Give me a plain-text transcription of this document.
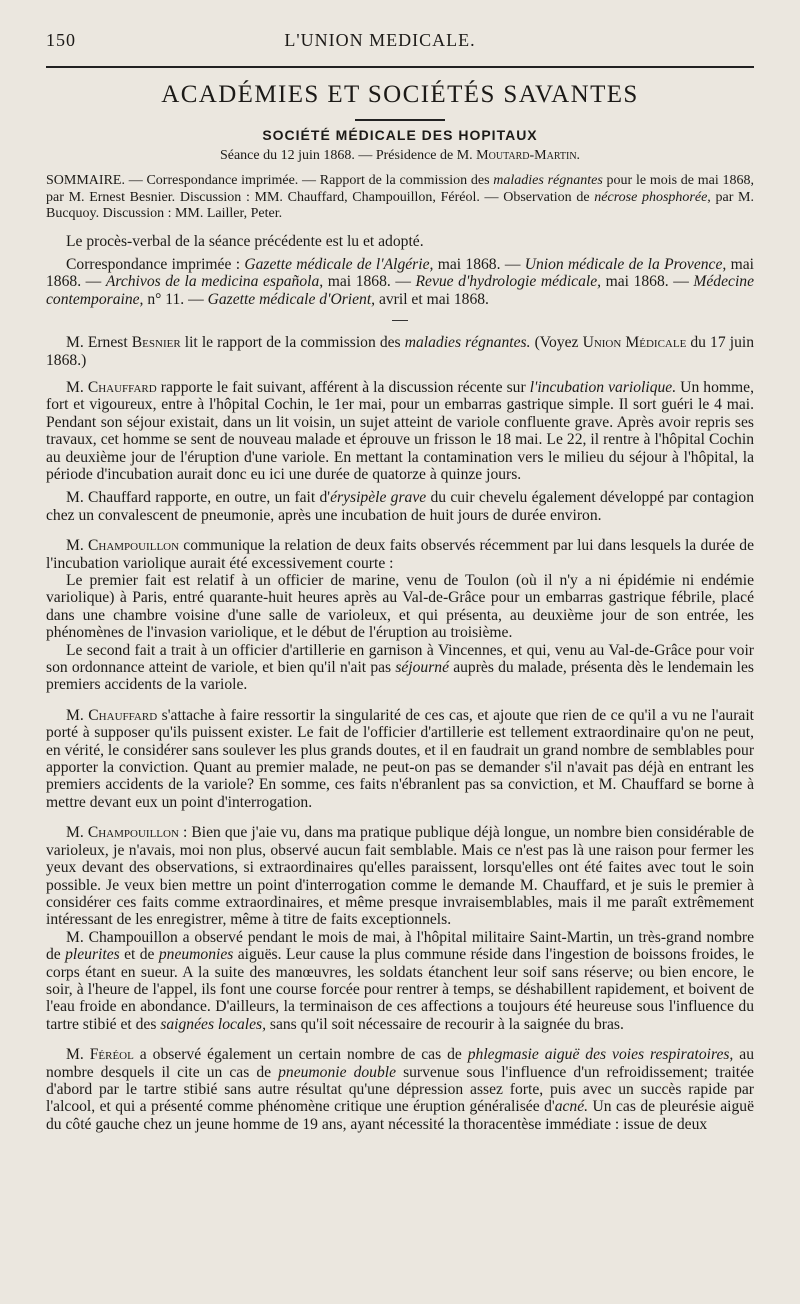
150	L'UNION MEDICALE.
ACADÉMIES ET SOCIÉTÉS SAVANTES
SOCIÉTÉ MÉDICALE DES HOPITAUX
Séance du 12 juin 1868. — Présidence de M. Moutard-Martin.
SOMMAIRE. — Correspondance imprimée. — Rapport de la commission des maladies régnantes pour le mois de mai 1868, par M. Ernest Besnier. Discussion : MM. Chauffard, Champouillon, Féréol. — Observation de nécrose phosphorée, par M. Bucquoy. Discussion : MM. Lailler, Peter.

Le procès-verbal de la séance précédente est lu et adopté.

Correspondance imprimée : Gazette médicale de l'Algérie, mai 1868. — Union médicale de la Provence, mai 1868. — Archivos de la medicina española, mai 1868. — Revue d'hydrologie médicale, mai 1868. — Médecine contemporaine, n° 11. — Gazette médicale d'Orient, avril et mai 1868.

M. Ernest Besnier lit le rapport de la commission des maladies régnantes. (Voyez Union Médicale du 17 juin 1868.)

M. Chauffard rapporte le fait suivant, afférent à la discussion récente sur l'incubation variolique. Un homme, fort et vigoureux, entre à l'hôpital Cochin, le 1er mai, pour un embarras gastrique simple. Il sort guéri le 4 mai. Pendant son séjour existait, dans un lit voisin, un sujet atteint de variole confluente grave. Après avoir repris ses travaux, cet homme se sent de nouveau malade et éprouve un frisson le 18 mai. Le 22, il rentre à l'hôpital Cochin au deuxième jour de l'éruption d'une variole. En mettant la contamination vers le milieu du séjour à l'hôpital, la période d'incubation aurait donc eu ici une durée de quatorze à quinze jours.

M. Chauffard rapporte, en outre, un fait d'érysipèle grave du cuir chevelu également développé par contagion chez un convalescent de pneumonie, après une incubation de huit jours de durée environ.

M. Champouillon communique la relation de deux faits observés récemment par lui dans lesquels la durée de l'incubation variolique aurait été excessivement courte :

Le premier fait est relatif à un officier de marine, venu de Toulon (où il n'y a ni épidémie ni endémie variolique) à Paris, entré quarante-huit heures après au Val-de-Grâce pour un embarras gastrique fébrile, placé dans une chambre voisine d'une salle de varioleux, et qui présenta, au deuxième jour de son entrée, les phénomènes de l'invasion variolique, et le début de l'éruption au troisième.

Le second fait a trait à un officier d'artillerie en garnison à Vincennes, et qui, venu au Val-de-Grâce pour voir son ordonnance atteint de variole, et bien qu'il n'ait pas séjourné auprès du malade, présenta dès le lendemain les premiers accidents de la variole.

M. Chauffard s'attache à faire ressortir la singularité de ces cas, et ajoute que rien de ce qu'il a vu ne l'aurait porté à supposer qu'ils puissent exister. Le fait de l'officier d'artillerie est tellement extraordinaire qu'on ne peut, en vérité, le considérer sans soulever les plus grands doutes, et il en faudrait un grand nombre de semblables pour apporter la conviction. Quant au premier malade, ne peut-on pas se demander s'il n'avait pas déjà en entrant les premiers accidents de la variole? En somme, ces faits n'ébranlent pas sa conviction, et M. Chauffard se borne à mettre devant eux un point d'interrogation.

M. Champouillon : Bien que j'aie vu, dans ma pratique publique déjà longue, un nombre bien considérable de varioleux, je n'avais, moi non plus, observé aucun fait semblable. Mais ce n'est pas là une raison pour fermer les yeux devant des observations, si extraordinaires qu'elles paraissent, lorsqu'elles ont été faites avec tout le soin possible. Je veux bien mettre un point d'interrogation comme le demande M. Chauffard, et je suis le premier à considérer ces faits comme extraordinaires, et même presque invraisemblables, mais il me paraît extrêmement intéressant de les enregistrer, même à titre de faits exceptionnels.

M. Champouillon a observé pendant le mois de mai, à l'hôpital militaire Saint-Martin, un très-grand nombre de pleurites et de pneumonies aiguës. Leur cause la plus commune réside dans l'ingestion de boissons froides, le corps étant en sueur. A la suite des manœuvres, les soldats étanchent leur soif sans réserve; ou bien encore, le soir, à l'heure de l'appel, ils font une course forcée pour rentrer à temps, se déshabillent rapidement, et boivent de l'eau froide en abondance. D'ailleurs, la terminaison de ces affections a toujours été heureuse sous l'influence du tartre stibié et des saignées locales, sans qu'il soit nécessaire de recourir à la saignée du bras.

M. Féréol a observé également un certain nombre de cas de phlegmasie aiguë des voies respiratoires, au nombre desquels il cite un cas de pneumonie double survenue sous l'influence d'un refroidissement; traitée d'abord par le tartre stibié sans autre résultat qu'une dépression assez forte, puis avec un succès rapide par l'alcool, et qui a présenté comme phénomène critique une éruption généralisée d'acné. Un cas de pleurésie aiguë du côté gauche chez un jeune homme de 19 ans, ayant nécessité la thoracentèse immédiate : issue de deux
